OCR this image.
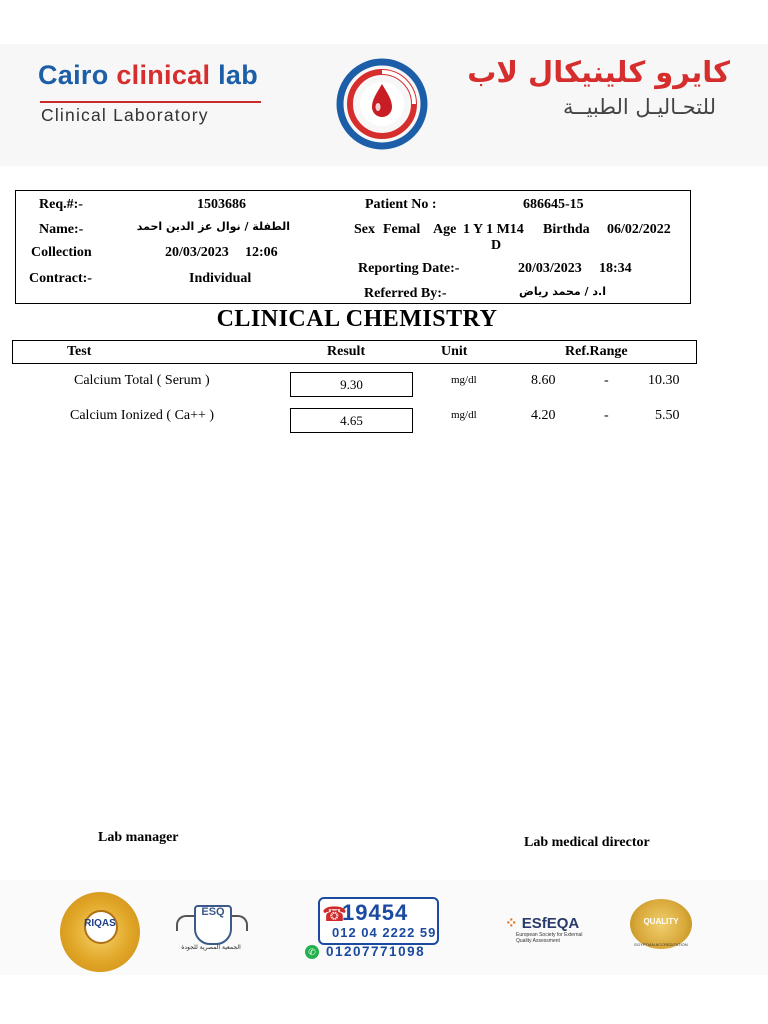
Cairo clinical lab
Clinical Laboratory
كايرو كلينيكال لاب
للتحـاليـل الطبيــة
Req.#:-	1503686	Patient No :	686645-15
Name:-	الطفلة / نوال عز الدين احمد	Sex Femal Age 1 Y 1 M14 Birthda 06/02/2022
D
Collection	20/03/2023 12:06
Reporting Date:-	20/03/2023 18:34
Contract:-	Individual
Referred By:-	ا.د / محمد رياض
CLINICAL CHEMISTRY
Test	Result	Unit	Ref.Range
Calcium Total ( Serum )	9.30	mg/dl	8.60	-	10.30
Calcium Ionized ( Ca++ )	4.65	mg/dl	4.20	-	5.50
Lab manager	Lab medical director
RIQAS
ESQ
الجمعية المصرية للجودة
☎
19454
012 04 2222 59
✆ 01207771098
⁘ ESfEQA
European Society for External Quality Assessment
QUALITY
EGYPTIAN ACCREDITATION
